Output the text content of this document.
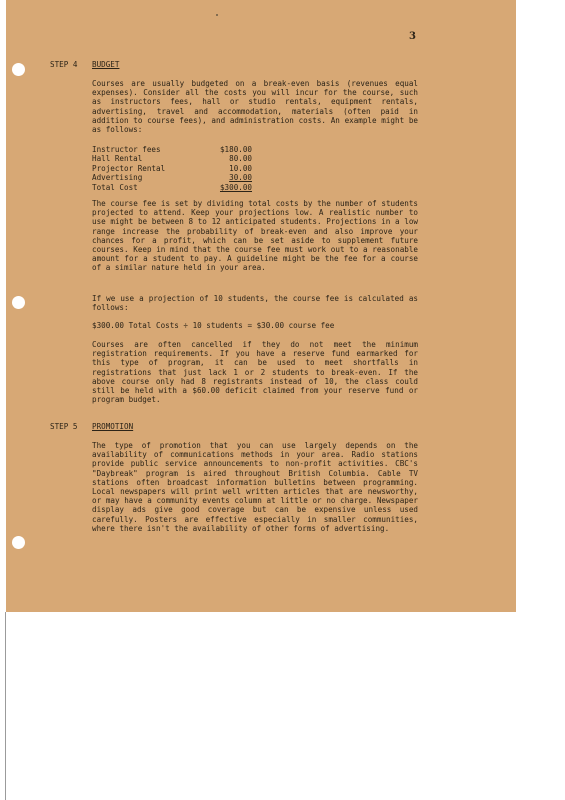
3
STEP 4 BUDGET

Courses are usually budgeted on a break-even basis (revenues equal expenses). Consider all the costs you will incur for the course, such as instructors fees, hall or studio rentals, equipment rentals, advertising, travel and accommodation, materials (often paid in addition to course fees), and administration costs. An example might be as follows:

Instructor fees	$180.00
Hall Rental	80.00
Projector Rental	10.00
Advertising	30.00
Total Cost	$300.00

The course fee is set by dividing total costs by the number of students projected to attend. Keep your projections low. A realistic number to use might be between 8 to 12 anticipated students. Projections in a low range increase the probability of break-even and also improve your chances for a profit, which can be set aside to supplement future courses. Keep in mind that the course fee must work out to a reasonable amount for a student to pay. A guideline might be the fee for a course of a similar nature held in your area.

If we use a projection of 10 students, the course fee is calculated as follows:

$300.00 Total Costs ÷ 10 students = $30.00 course fee

Courses are often cancelled if they do not meet the minimum registration requirements. If you have a reserve fund earmarked for this type of program, it can be used to meet shortfalls in registrations that just lack 1 or 2 students to break-even. If the above course only had 8 registrants instead of 10, the class could still be held with a $60.00 deficit claimed from your reserve fund or program budget.

STEP 5 PROMOTION

The type of promotion that you can use largely depends on the availability of communications methods in your area. Radio stations provide public service announcements to non-profit activities. CBC's "Daybreak" program is aired throughout British Columbia. Cable TV stations often broadcast information bulletins between programming. Local newspapers will print well written articles that are newsworthy, or may have a community events column at little or no charge. Newspaper display ads give good coverage but can be expensive unless used carefully. Posters are effective especially in smaller communities, where there isn't the availability of other forms of advertising.
